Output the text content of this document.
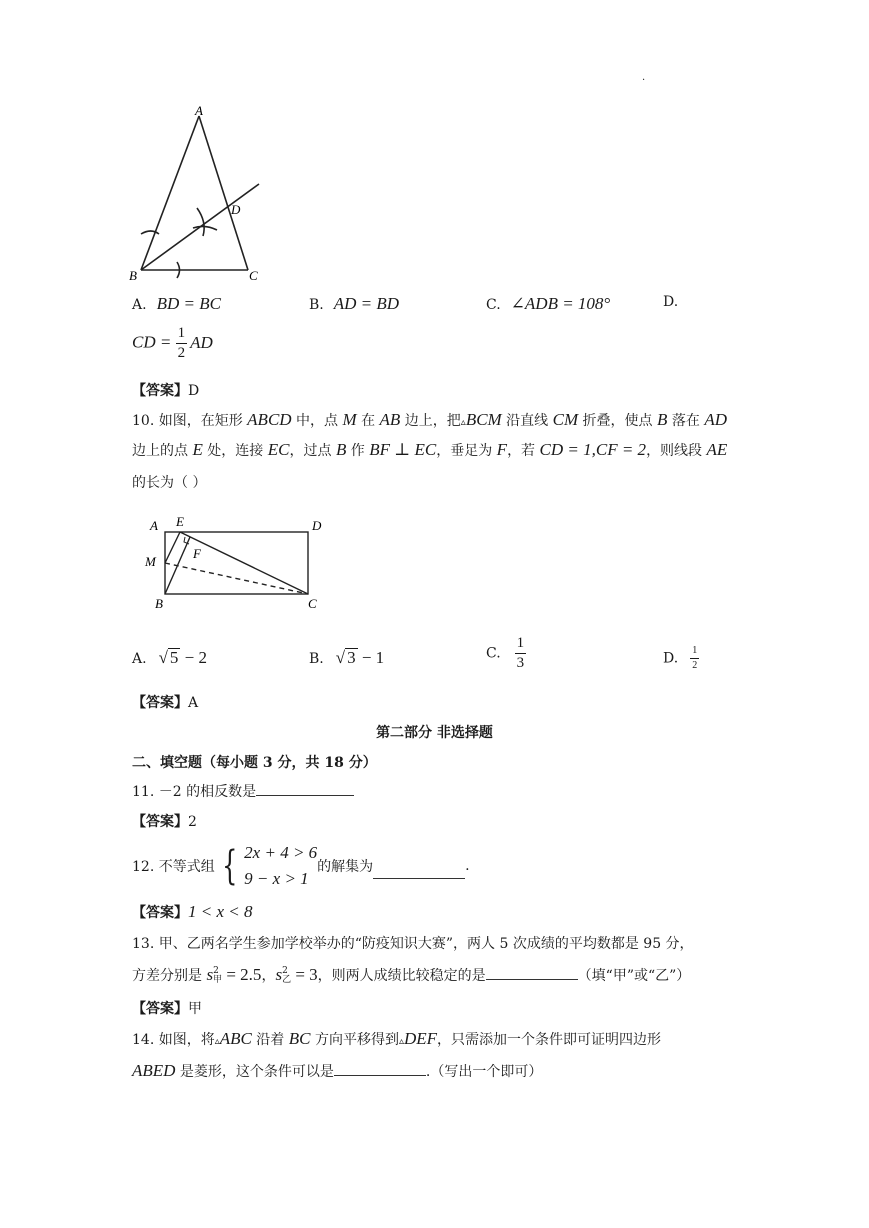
.
A
B	C
D
A. BD = BC	B. AD = BD	C. ∠ADB = 108°	D.
CD = $\frac{1}{2}$ AD
【答案】D
10. 如图，在矩形 ABCD 中，点 M 在 AB 边上，把▵BCM 沿直线 CM 折叠，使点 B 落在 AD
边上的点 E 处，连接 EC，过点 B 作 BF ⊥ EC，垂足为 F，若 CD = 1,CF = 2，则线段 AE
的长为（ ）
A E	D
M
F
B	C
A. √ 5 − 2	B. √ 3 − 1	C. $\frac{1}{3}$	D. $\frac{1}{2}$
【答案】A
第二部分 非选择题
二、填空题（每小题 3 分，共 18 分）
11. －2 的相反数是
【答案】2
12. 不等式组 { 2x + 4 > 6
9 − x > 1
的解集为	.
【答案】1 < x < 8
13. 甲、乙两名学生参加学校举办的“防疫知识大赛”，两人 5 次成绩的平均数都是 95 分，
方差分别是 s 2
甲 = 2.5，s 2
乙 = 3，则两人成绩比较稳定的是	（填“甲”或“乙”）
【答案】甲
14. 如图，将▵ABC 沿着 BC 方向平移得到▵DEF，只需添加一个条件即可证明四边形
ABED 是菱形，这个条件可以是	.（写出一个即可）
